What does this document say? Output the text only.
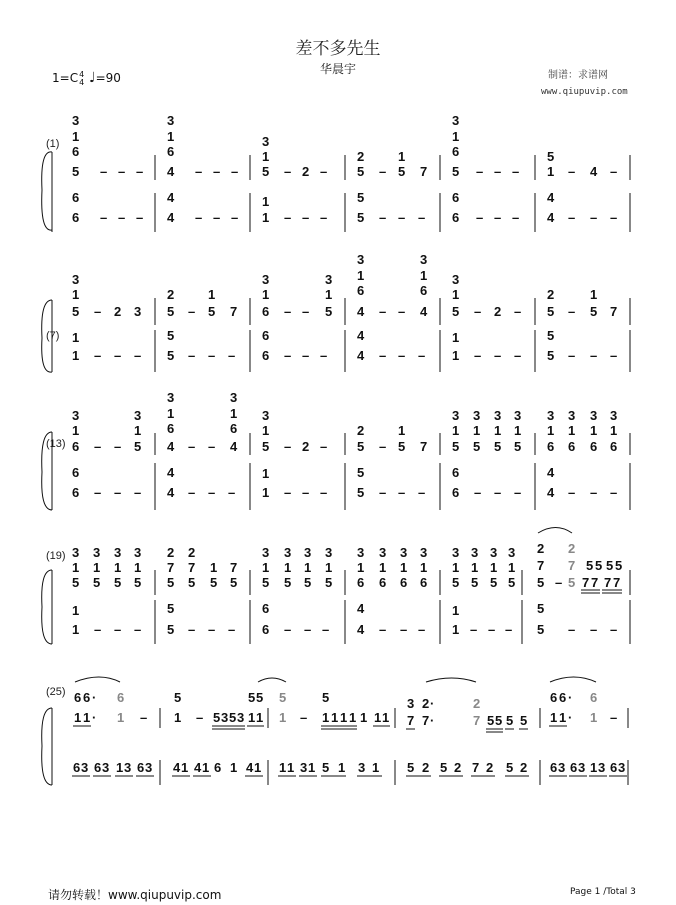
差不多先生
华晨宇
1=C4
4 ♩=90	制谱：求谱网
www.qiupuvip.com
(1)
(7)
(13)
(19)
(25)
3
1
6
5 – – –
6
6 – – –
3
1
6
4 – – –
4
4 – – –
3
1
5 – 2 –
1
1 – – –
2
5 –
1
5 7
5
5 – – –
3
1
6
5 – – –
6
6 – – –
5
1 – 4 –
4
4 – – –
3
1
5 – 2 3
1
1 – – –
2
5 –
1
5 7
5
5 – – –
3
1
6 – –
3
1
5
6
6 – – –
3
1
6
4 – –
3
1
6
4
4
4 – – –
3
1
5 – 2 –
1
1 – – –
2
5 –
1
5 7
5
5 – – –
3
1
6 – –
3
1
5
6
6 – – –
3
1
6
4 – –
3
1
6
4
4
4 – – –
3
1
5 – 2 –
1
1 – – –
2
5 –
1
5 7
5
5 – – –
3
1
5
3
1
5
3
1
5
3
1
5
6
6 – – –
3
1
6
3
1
6
3
1
6
3
1
6
4
4 – – –
3
1
5
3
1
5
3
1
5
3
1
5
1
1 – – –
2
7
5
2
7
5
1
5
7
5
5
5 – – –
3
1
5
3
1
5
3
1
5
3
1
5
6
6 – – –
3
1
6
3
1
6
3
1
6
3
1
6
4
4 – – –
3
1
5
3
1
5
3
1
5
3
1
5
1
1 – – –
2
7
5 –
2
7
5
5 5 5 5
7 7 7 7
5
5 – – –
6 6 ·
1 1 ·
6
1 –
5
1 – 5 3 5 3
5 5
1 1
5
1 –
5
1 1 1 1 1 1 1
3
7
2 ·
7 ·
2
7 5 5 5 5
6 6 ·
1 1 ·
6
1 –
6 3 6 3 1 3 6 3 4 1 4 1 6 1 4 1 1 1 3 1 5 1 3 1 5 2 5 2 7 2 5 2 6 3 6 3 1 3 6 3
请勿转载！www.qiupuvip.com	Page 1 /Total 3
